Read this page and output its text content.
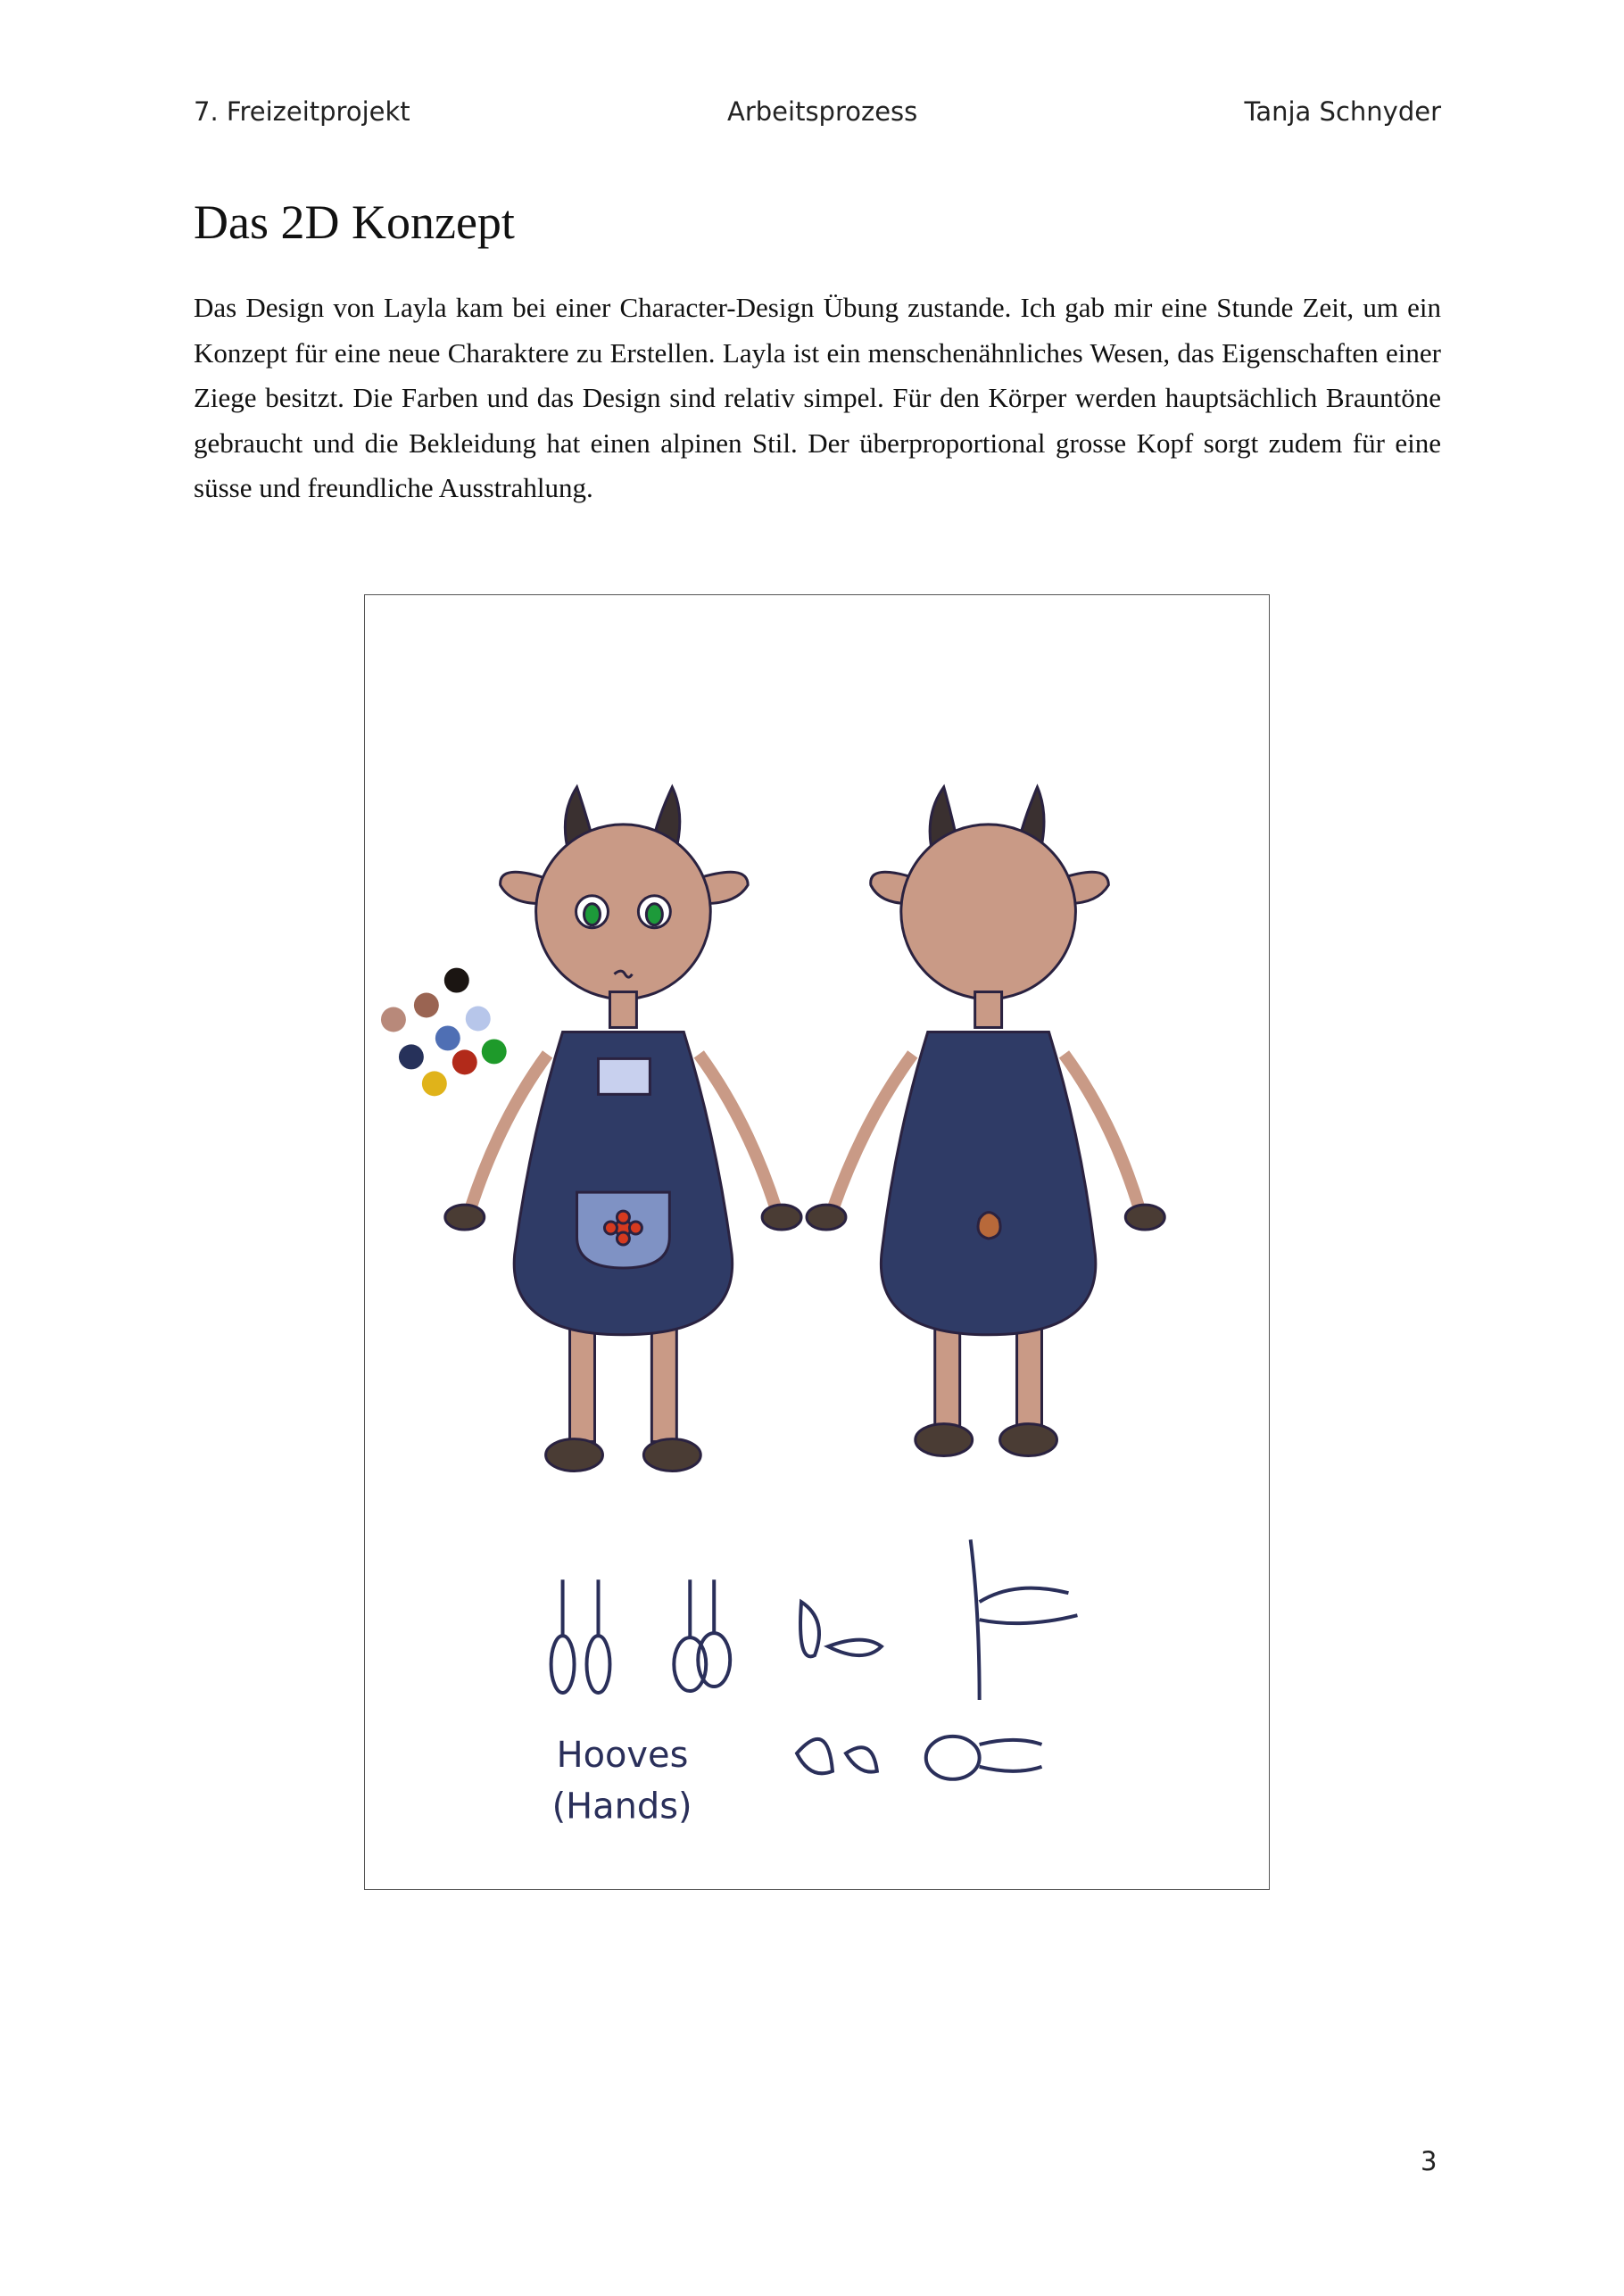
7. Freizeitprojekt	Arbeitsprozess	Tanja Schnyder
Das 2D Konzept

Das Design von Layla kam bei einer Character-Design Übung zustande. Ich gab mir eine Stunde Zeit, um ein Konzept für eine neue Charaktere zu Erstellen. Layla ist ein menschenähnliches Wesen, das Eigenschaften einer Ziege besitzt. Die Farben und das Design sind relativ simpel. Für den Körper werden hauptsächlich Brauntöne gebraucht und die Bekleidung hat einen alpinen Stil. Der überproportional grosse Kopf sorgt zudem für eine süsse und freundliche Ausstrahlung.

Hooves
(Hands)
3
